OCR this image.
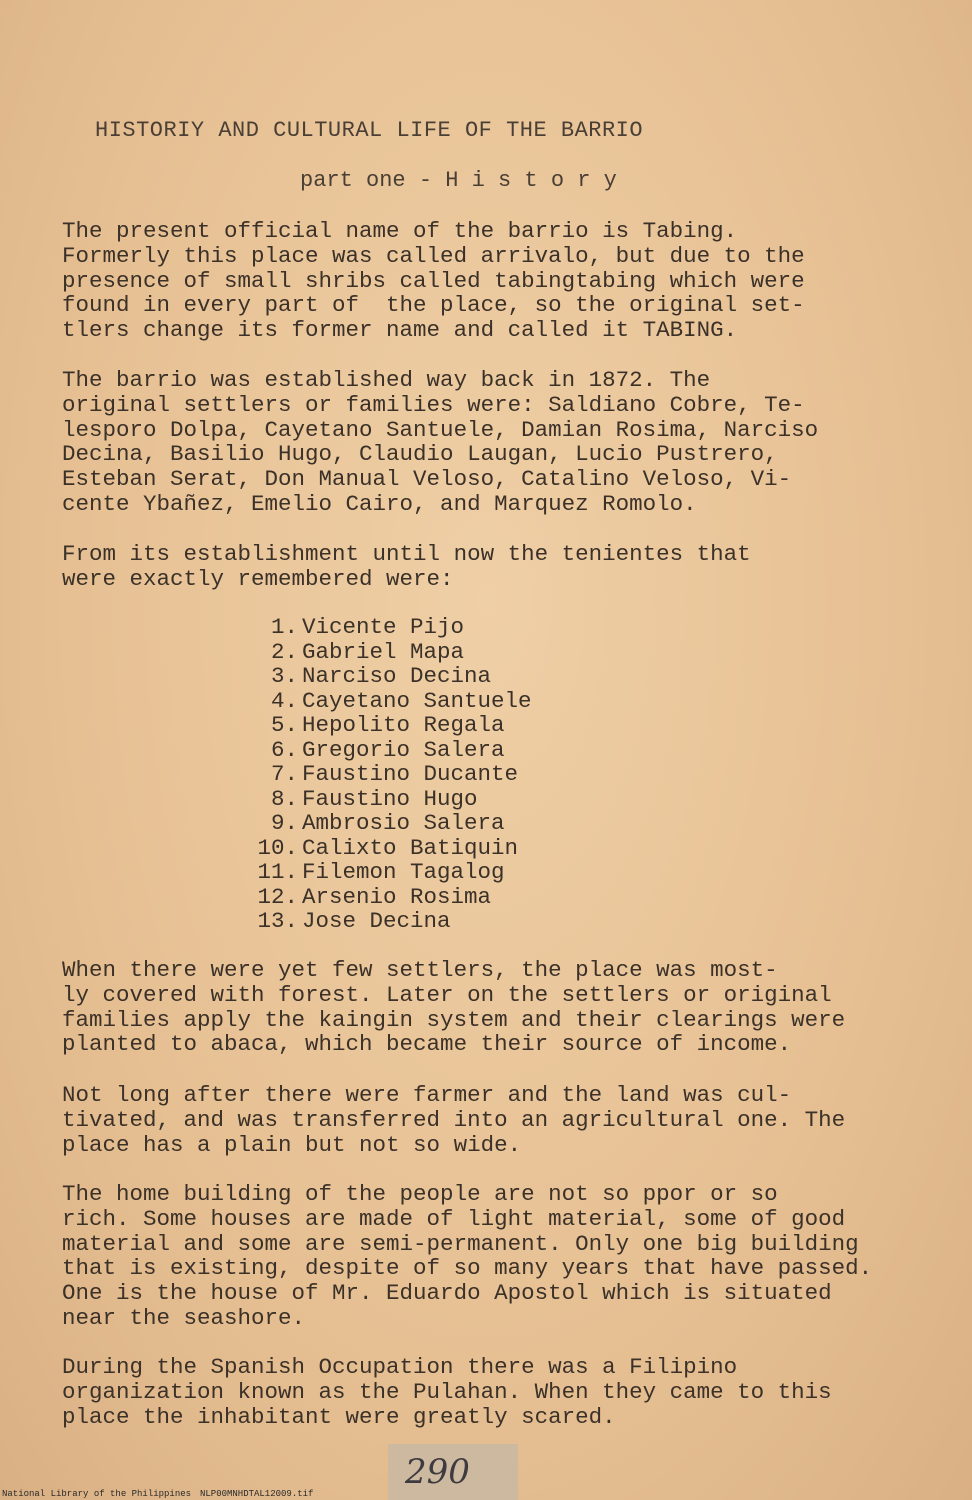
HISTORIY AND CULTURAL LIFE OF THE BARRIO
part one - H i s t o r y
The present official name of the barrio is Tabing.
Formerly this place was called arrivalo, but due to the
presence of small shribs called tabingtabing which were
found in every part of  the place, so the original set-
tlers change its former name and called it TABING.
The barrio was established way back in 1872. The
original settlers or families were: Saldiano Cobre, Te-
lesporo Dolpa, Cayetano Santuele, Damian Rosima, Narciso
Decina, Basilio Hugo, Claudio Laugan, Lucio Pustrero,
Esteban Serat, Don Manual Veloso, Catalino Veloso, Vi-
cente Ybañez, Emelio Cairo, and Marquez Romolo.
From its establishment until now the tenientes that
were exactly remembered were:
1. Vicente Pijo
2. Gabriel Mapa
3. Narciso Decina
4. Cayetano Santuele
5. Hepolito Regala
6. Gregorio Salera
7. Faustino Ducante
8. Faustino Hugo
9. Ambrosio Salera
10. Calixto Batiquin
11. Filemon Tagalog
12. Arsenio Rosima
13. Jose Decina
When there were yet few settlers, the place was most-
ly covered with forest. Later on the settlers or original
families apply the kaingin system and their clearings were
planted to abaca, which became their source of income.
Not long after there were farmer and the land was cul-
tivated, and was transferred into an agricultural one. The
place has a plain but not so wide.
The home building of the people are not so ppor or so
rich. Some houses are made of light material, some of good
material and some are semi-permanent. Only one big building
that is existing, despite of so many years that have passed.
One is the house of Mr. Eduardo Apostol which is situated
near the seashore.
During the Spanish Occupation there was a Filipino
organization known as the Pulahan. When they came to this
place the inhabitant were greatly scared.
290
National Library of the Philippines NLP00MNHDTAL12009.tif
